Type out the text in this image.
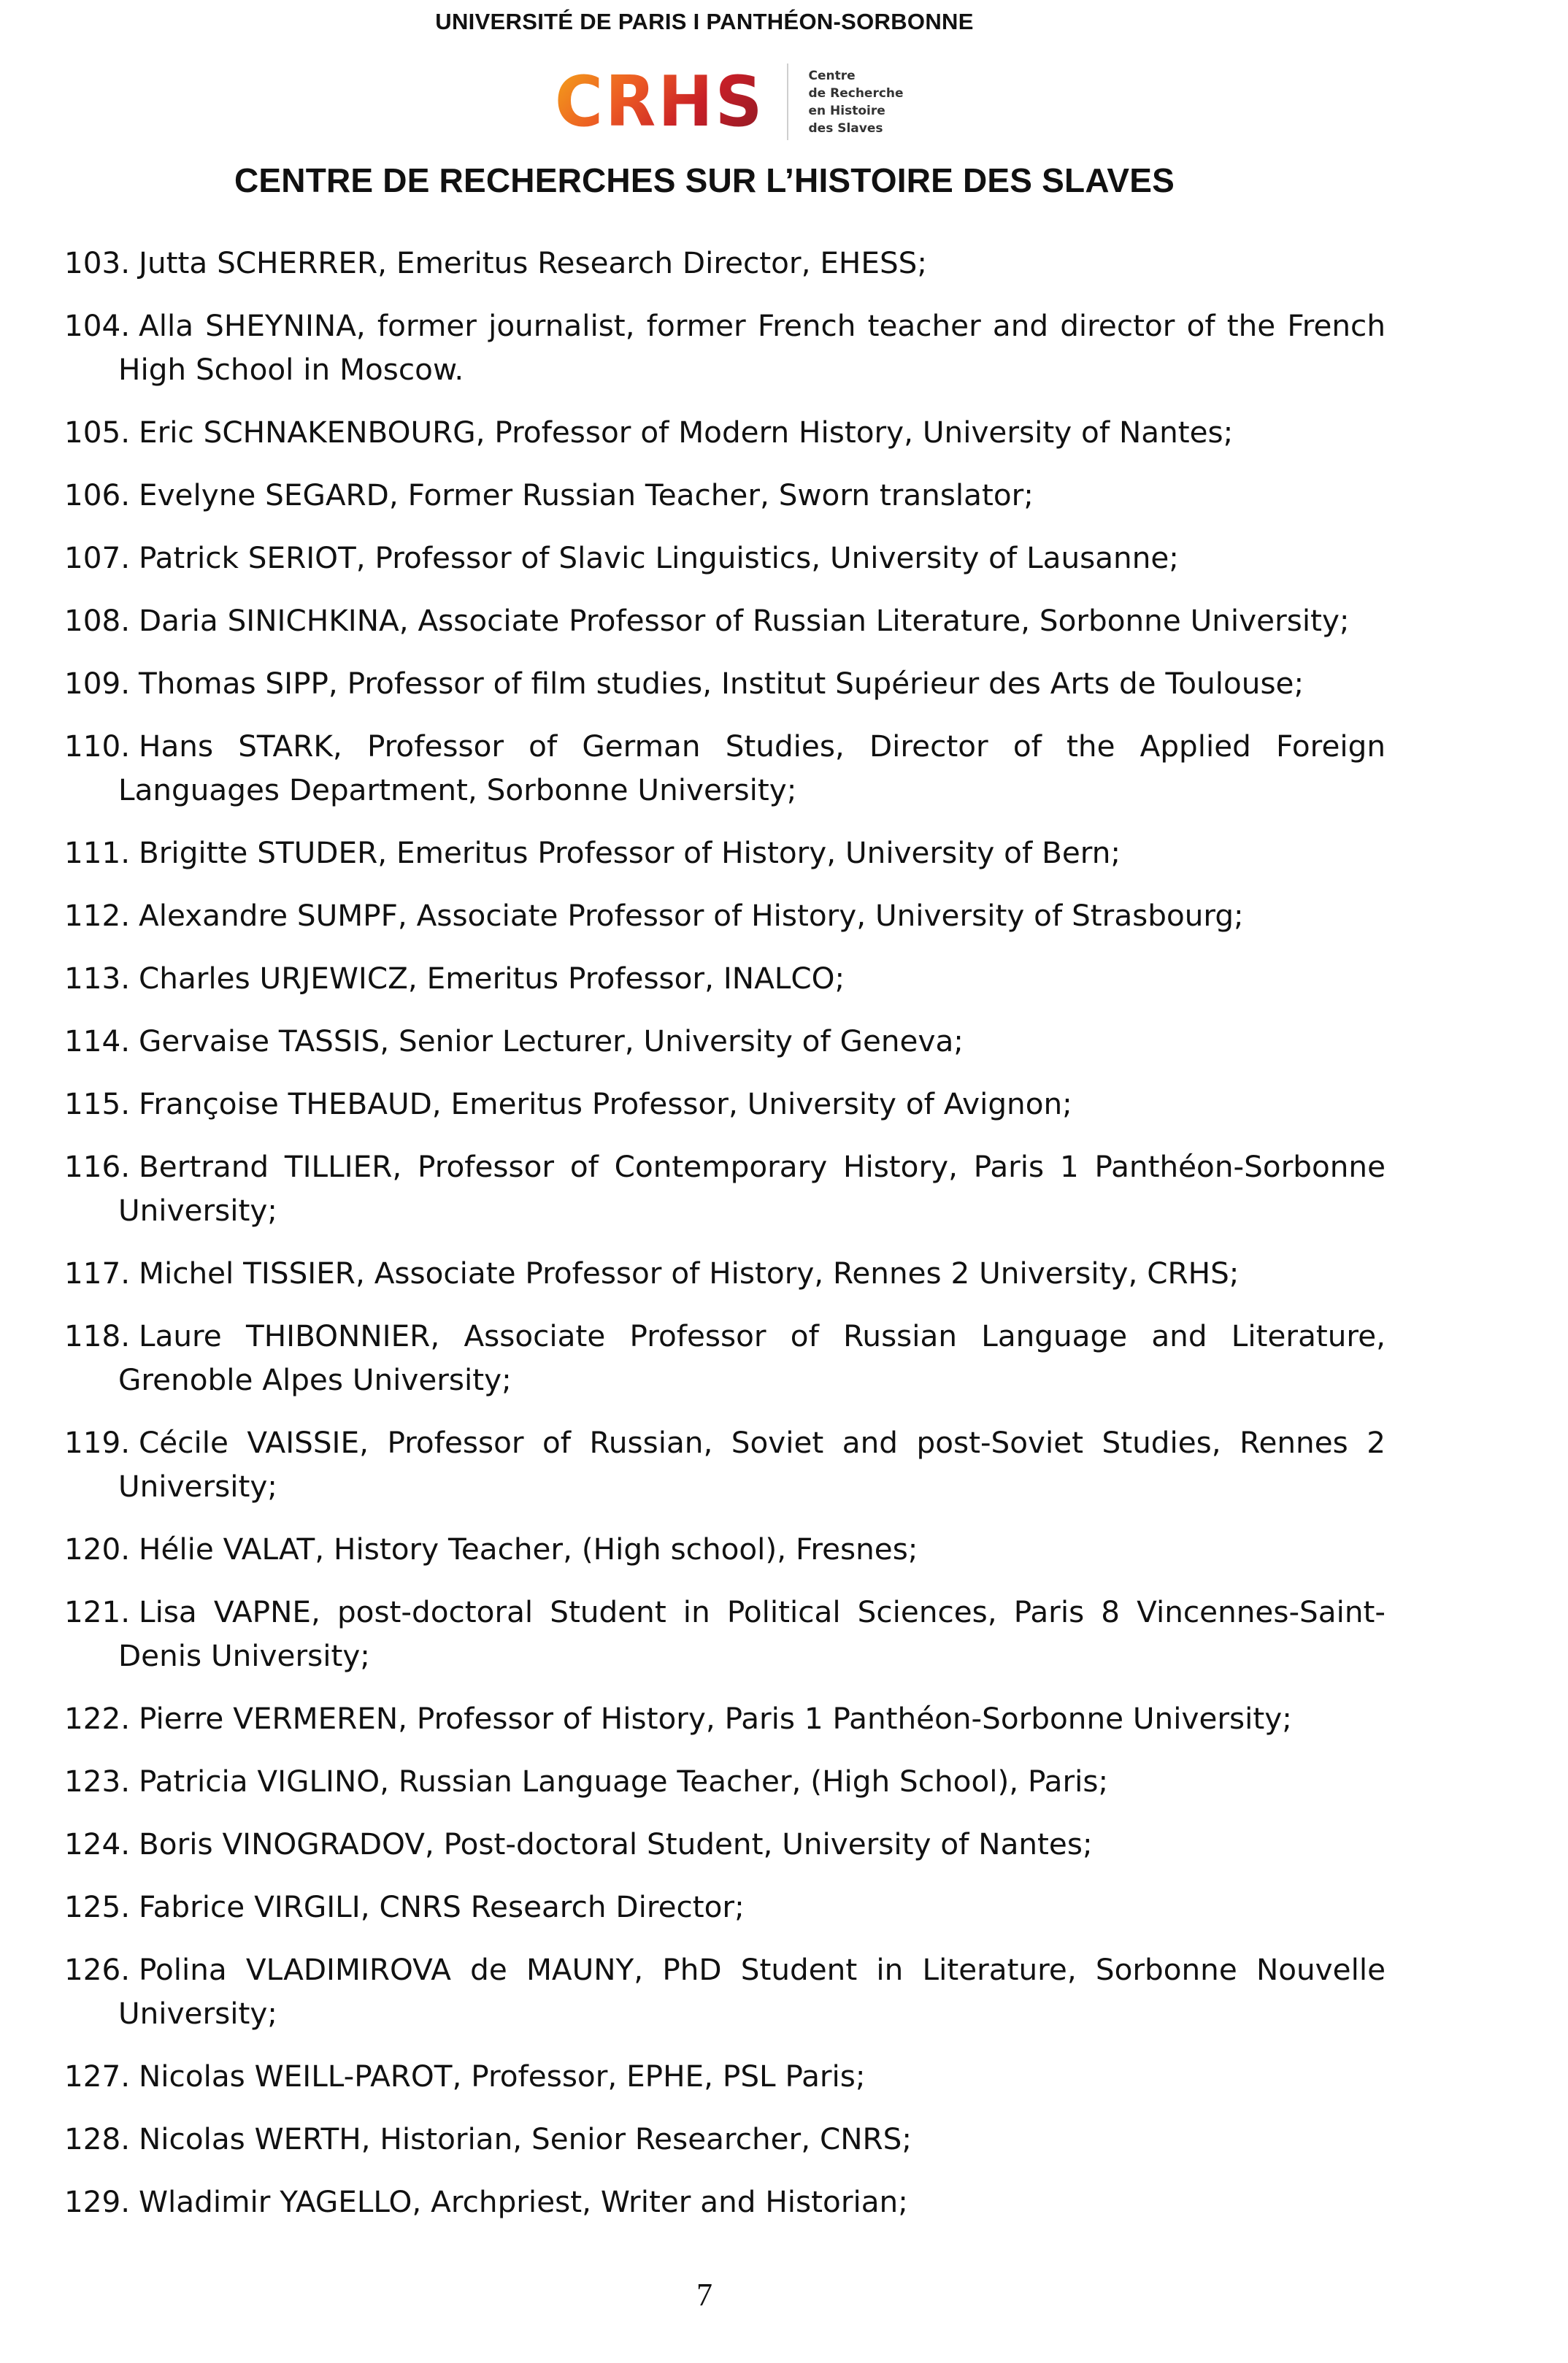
UNIVERSITÉ DE PARIS I PANTHÉON-SORBONNE
CRHS	Centre
de Recherche
en Histoire
des Slaves
CENTRE DE RECHERCHES SUR L’HISTOIRE DES SLAVES
103. Jutta SCHERRER, Emeritus Research Director, EHESS;
104. Alla SHEYNINA, former journalist, former French teacher and director of the French High School in Moscow.
105. Eric SCHNAKENBOURG, Professor of Modern History, University of Nantes;
106. Evelyne SEGARD, Former Russian Teacher, Sworn translator;
107. Patrick SERIOT, Professor of Slavic Linguistics, University of Lausanne;
108. Daria SINICHKINA, Associate Professor of Russian Literature, Sorbonne University;
109. Thomas SIPP, Professor of film studies, Institut Supérieur des Arts de Toulouse;
110. Hans STARK, Professor of German Studies, Director of the Applied Foreign Languages Department, Sorbonne University;
111. Brigitte STUDER, Emeritus Professor of History, University of Bern;
112. Alexandre SUMPF, Associate Professor of History, University of Strasbourg;
113. Charles URJEWICZ, Emeritus Professor, INALCO;
114. Gervaise TASSIS, Senior Lecturer, University of Geneva;
115. Françoise THEBAUD, Emeritus Professor, University of Avignon;
116. Bertrand TILLIER, Professor of Contemporary History, Paris 1 Panthéon-Sorbonne University;
117. Michel TISSIER, Associate Professor of History, Rennes 2 University, CRHS;
118. Laure THIBONNIER, Associate Professor of Russian Language and Literature, Grenoble Alpes University;
119. Cécile VAISSIE, Professor of Russian, Soviet and post-Soviet Studies, Rennes 2 University;
120. Hélie VALAT, History Teacher, (High school), Fresnes;
121. Lisa VAPNE, post-doctoral Student in Political Sciences, Paris 8 Vincennes-Saint-Denis University;
122. Pierre VERMEREN, Professor of History, Paris 1 Panthéon-Sorbonne University;
123. Patricia VIGLINO, Russian Language Teacher, (High School), Paris;
124. Boris VINOGRADOV, Post-doctoral Student, University of Nantes;
125. Fabrice VIRGILI, CNRS Research Director;
126. Polina VLADIMIROVA de MAUNY, PhD Student in Literature, Sorbonne Nouvelle University;
127. Nicolas WEILL-PAROT, Professor, EPHE, PSL Paris;
128. Nicolas WERTH, Historian, Senior Researcher, CNRS;
129. Wladimir YAGELLO, Archpriest, Writer and Historian;
7
